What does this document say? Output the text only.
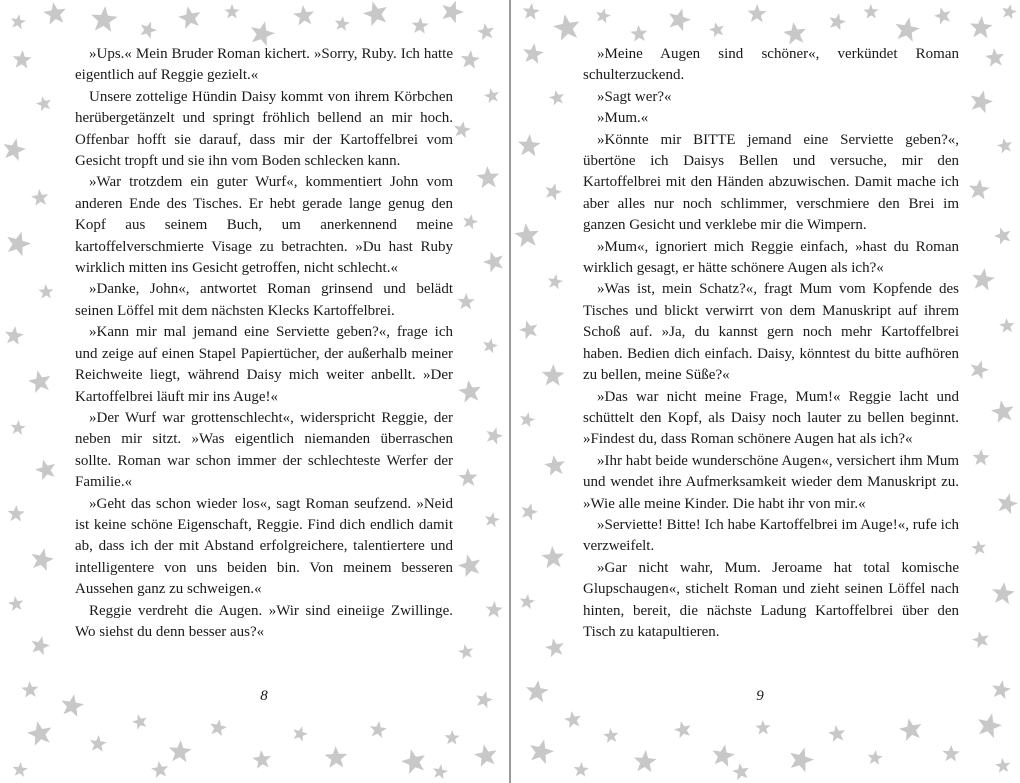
»Ups.« Mein Bruder Roman kichert. »Sorry, Ruby. Ich hatte eigentlich auf Reggie gezielt.«

Unsere zottelige Hündin Daisy kommt von ihrem Körbchen herübergetänzelt und springt fröhlich bellend an mir hoch. Offenbar hofft sie darauf, dass mir der Kartoffelbrei vom Gesicht tropft und sie ihn vom Boden schlecken kann.

»War trotzdem ein guter Wurf«, kommentiert John vom anderen Ende des Tisches. Er hebt gerade lange genug den Kopf aus seinem Buch, um anerkennend meine kartoffelverschmierte Visage zu betrachten. »Du hast Ruby wirklich mitten ins Gesicht getroffen, nicht schlecht.«

»Danke, John«, antwortet Roman grinsend und belädt seinen Löffel mit dem nächsten Klecks Kartoffelbrei.

»Kann mir mal jemand eine Serviette geben?«, frage ich und zeige auf einen Stapel Papiertücher, der außerhalb meiner Reichweite liegt, während Daisy mich weiter anbellt. »Der Kartoffelbrei läuft mir ins Auge!«

»Der Wurf war grottenschlecht«, widerspricht Reggie, der neben mir sitzt. »Was eigentlich niemanden überraschen sollte. Roman war schon immer der schlechteste Werfer der Familie.«

»Geht das schon wieder los«, sagt Roman seufzend. »Neid ist keine schöne Eigenschaft, Reggie. Find dich endlich damit ab, dass ich der mit Abstand erfolgreichere, talentiertere und intelligentere von uns beiden bin. Von meinem besseren Aussehen ganz zu schweigen.«

Reggie verdreht die Augen. »Wir sind eineiige Zwillinge. Wo siehst du denn besser aus?«

8

»Meine Augen sind schöner«, verkündet Roman schulterzuckend.

»Sagt wer?«

»Mum.«

»Könnte mir BITTE jemand eine Serviette geben?«, übertöne ich Daisys Bellen und versuche, mir den Kartoffelbrei mit den Händen abzuwischen. Damit mache ich aber alles nur noch schlimmer, verschmiere den Brei im ganzen Gesicht und verklebe mir die Wimpern.

»Mum«, ignoriert mich Reggie einfach, »hast du Roman wirklich gesagt, er hätte schönere Augen als ich?«

»Was ist, mein Schatz?«, fragt Mum vom Kopfende des Tisches und blickt verwirrt von dem Manuskript auf ihrem Schoß auf. »Ja, du kannst gern noch mehr Kartoffelbrei haben. Bedien dich einfach. Daisy, könntest du bitte aufhören zu bellen, meine Süße?«

»Das war nicht meine Frage, Mum!« Reggie lacht und schüttelt den Kopf, als Daisy noch lauter zu bellen beginnt. »Findest du, dass Roman schönere Augen hat als ich?«

»Ihr habt beide wunderschöne Augen«, versichert ihm Mum und wendet ihre Aufmerksamkeit wieder dem Manuskript zu. »Wie alle meine Kinder. Die habt ihr von mir.«

»Serviette! Bitte! Ich habe Kartoffelbrei im Auge!«, rufe ich verzweifelt.

»Gar nicht wahr, Mum. Jeroame hat total komische Glupschaugen«, stichelt Roman und zieht seinen Löffel nach hinten, bereit, die nächste Ladung Kartoffelbrei über den Tisch zu katapultieren.

9
